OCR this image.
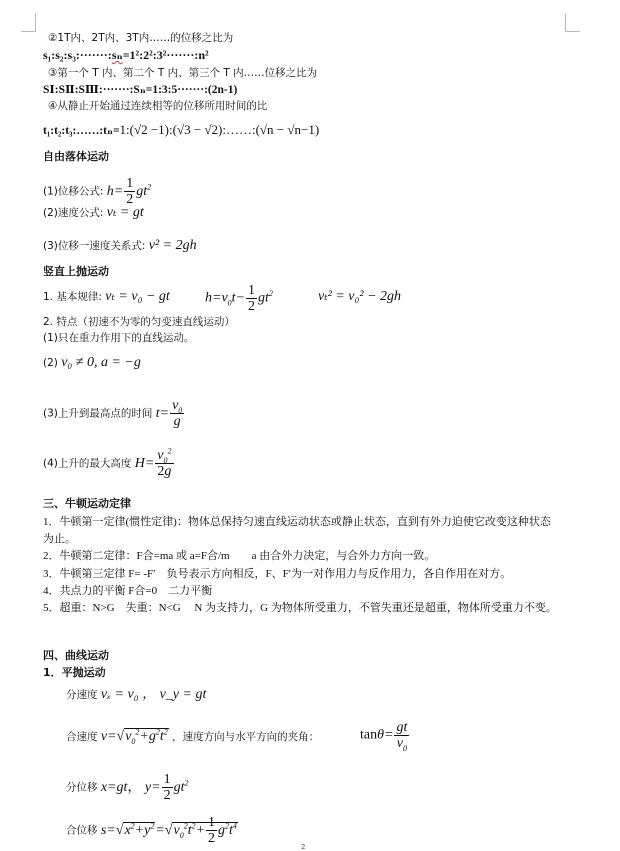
②1T内、2T内、3T内……的位移之比为
s₁:s₂:s₃:·······:sₙ=1²:2²:3²·······:n²
③第一个 T 内、第二个 T 内、第三个 T 内……位移之比为
SⅠ:SⅡ:SⅢ:·······:Sₙ=1:3:5·······:(2n-1)
④从静止开始通过连续相等的位移所用时间的比
t₁:t₂:t₃:……:tₙ=1:(√2 −1):(√3 − √2):……:(√n − √n−1)
自由落体运动
(1)位移公式: $h= \frac{1}{2} gt^2$
(2)速度公式: vₜ = gt
(3)位移一速度关系式: v² = 2gh
竖直上抛运动
1. 基本规律: vₜ = v₀ − gt	$h=v_0t- \frac{1}{2} gt^2$	vₜ² = v₀² − 2gh
2. 特点（初速不为零的匀变速直线运动）
(1)只在重力作用下的直线运动。
(2) v₀ ≠ 0, a = −g
(3)上升到最高点的时间 $t= \frac{v_0}{g}$
(4)上升的最大高度 $H= \frac{v_0^2}{2g}$
三、牛顿运动定律
1．牛顿第一定律(惯性定律)：物体总保持匀速直线运动状态或静止状态，直到有外力迫使它改变这种状态
为止。
2．牛顿第二定律：F合=ma 或 a=F合/m　　a 由合外力决定，与合外力方向一致。
3．牛顿第三定律 F= -F′　负号表示方向相反，F、F′为一对作用力与反作用力，各自作用在对方。
4．共点力的平衡 F合=0　二力平衡
5．超重：N>G　失重：N<G　 N 为支持力，G 为物体所受重力，不管失重还是超重，物体所受重力不变。
四、曲线运动
1．平抛运动
分速度 vₓ = v₀ ， v_y = gt
合速度 $v=√v_0^2+g^2t^2$ ，速度方向与水平方向的夹角：	$\tan\theta= \frac{gt}{v_0}$
分位移 x=gt， $y= \frac{1}{2} gt^2$
合位移 $s=√x^2+y^2=√v_0^2t^2+ \frac{1}{2} g^2t^4$
2
